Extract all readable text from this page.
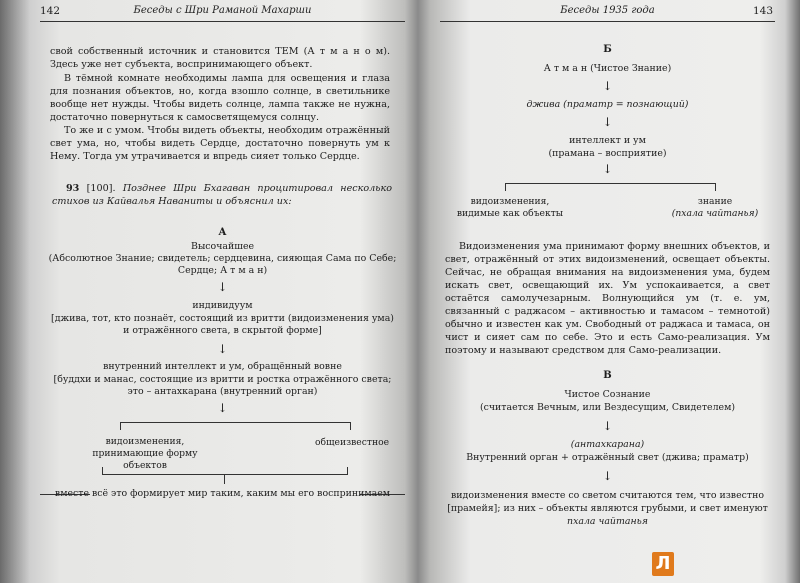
142	Беседы с Шри Раманой Махарши

свой собственный источник и становится ТЕМ (А т м а н о м). Здесь уже нет субъекта, воспринимающего объект.

В тёмной комнате необходимы лампа для освещения и глаза для познания объектов, но, когда взошло солнце, в светильнике вообще нет нужды. Чтобы видеть солнце, лампа также не нужна, достаточно повернуться к самосветящемуся солнцу.

То же и с умом. Чтобы видеть объекты, необходим отражённый свет ума, но, чтобы видеть Сердце, достаточно повернуть ум к Нему. Тогда ум утрачивается и впредь сияет только Сердце.

93 [100]. Позднее Шри Бхагаван процитировал несколько стихов из Кайвалья Наваниты и объяснил их:

А

Высочайшее

(Абсолютное Знание; свидетель; сердцевина, сияющая Сама по Себе;

Сердце; А т м а н)

↓

индивидуум

[джива, тот, кто познаёт, состоящий из вритти (видоизменения ума)

и отражённого света, в скрытой форме]

↓

внутренний интеллект и ум, обращённый вовне

[буддхи и манас, состоящие из вритти и ростка отражённого света;

это – антахкарана (внутренний орган)

↓
видоизменения,
принимающие форму объектов
общеизвестное

вместе всё это формирует мир таким, каким мы его воспринимаем

Беседы 1935 года	143
Б

А т м а н (Чистое Знание)

↓

джива (праматр = познающий)

↓

интеллект и ум

(прамана – восприятие)

↓
видоизменения,
видимые как объекты
знание
(пхала чайтанья)

Видоизменения ума принимают форму внешних объектов, и свет, отражённый от этих видоизменений, освещает объекты. Сейчас, не обращая внимания на видоизменения ума, будем искать свет, освещающий их. Ум успокаивается, а свет остаётся самолучезарным. Волнующийся ум (т. е. ум, связанный с раджасом – активностью и тамасом – темнотой) обычно и известен как ум. Свободный от раджаса и тамаса, он чист и сияет сам по себе. Это и есть Само-реализация. Ум поэтому и называют средством для Само-реализации.

В

Чистое Сознание

(считается Вечным, или Вездесущим, Свидетелем)

↓

(антахкарана)

Внутренний орган + отражённый свет (джива; праматр)

↓

видоизменения вместе со светом считаются тем, что известно

[прамейя]; из них – объекты являются грубыми, и свет именуют

пхала чайтанья

Л
